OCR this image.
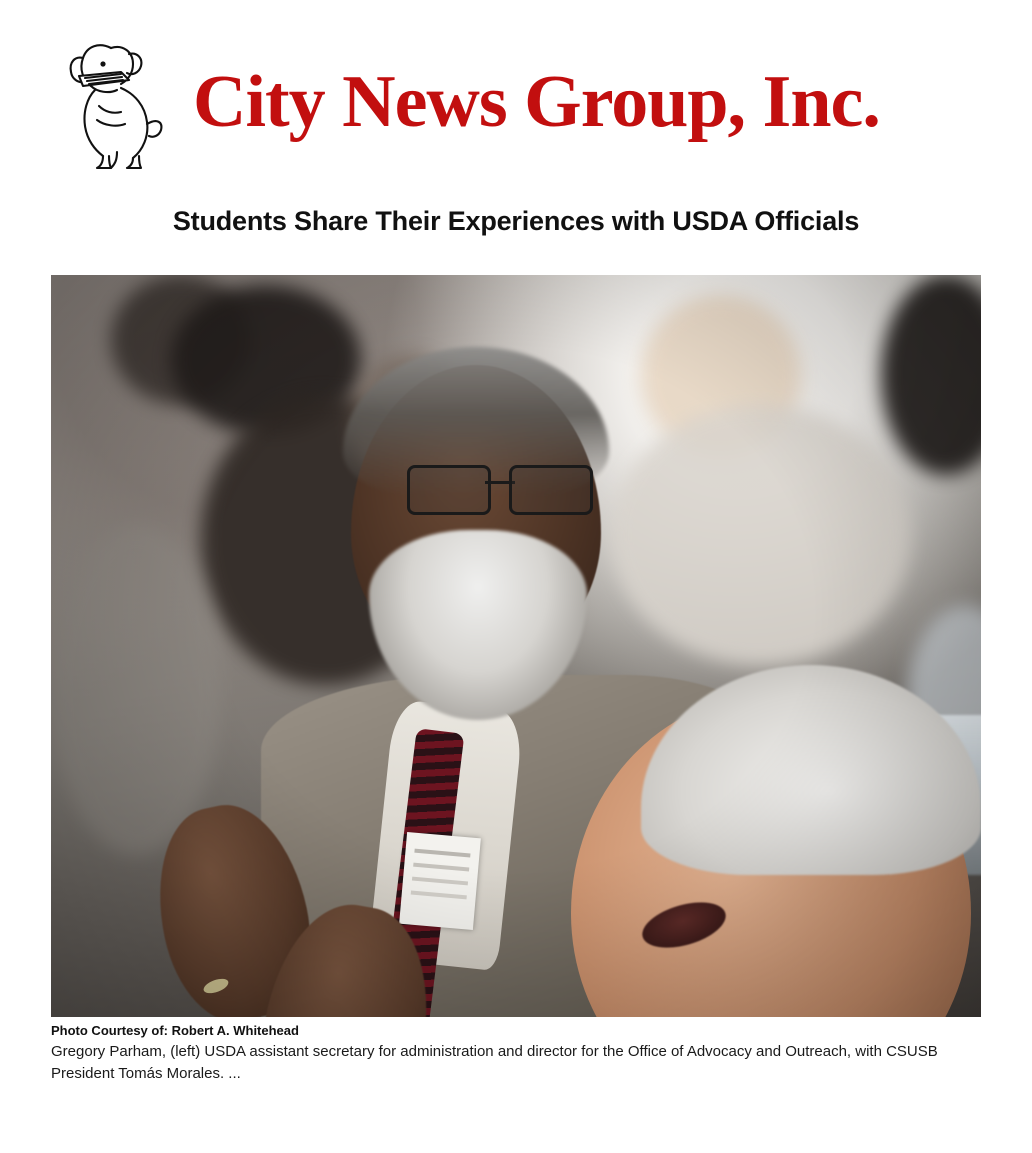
City News Group, Inc.
Students Share Their Experiences with USDA Officials
Photo Courtesy of: Robert A. Whitehead
Gregory Parham, (left) USDA assistant secretary for administration and director for the Office of Advocacy and Outreach, with CSUSB President Tomás Morales. ...
